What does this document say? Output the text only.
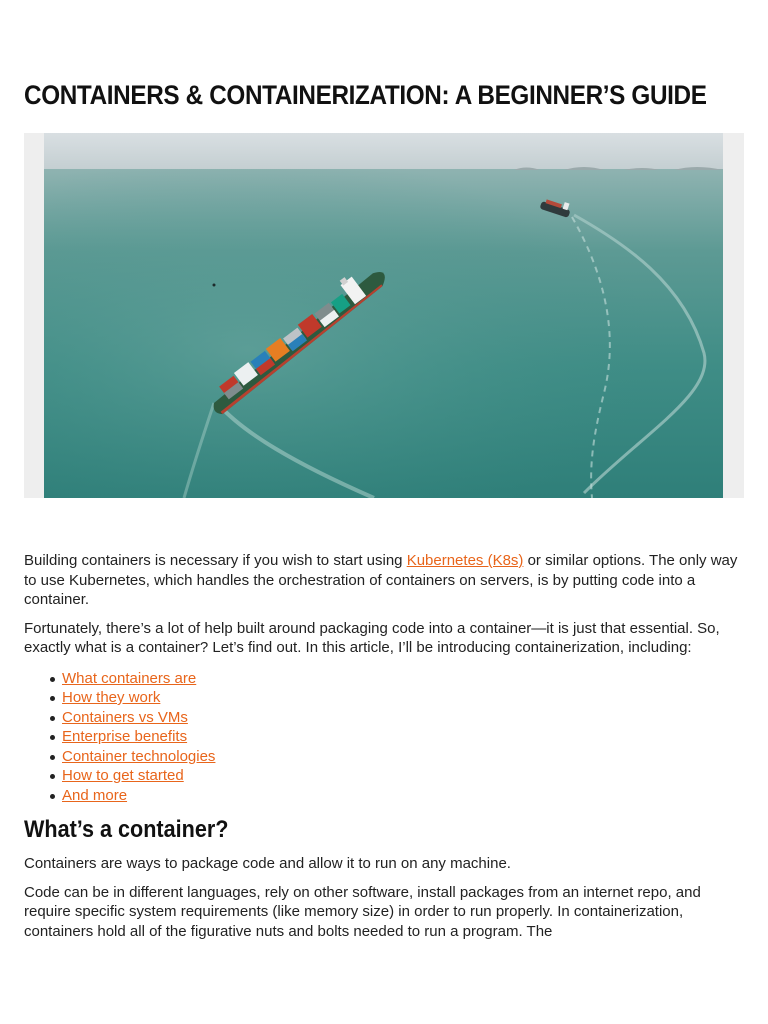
CONTAINERS & CONTAINERIZATION: A BEGINNER’S GUIDE

Building containers is necessary if you wish to start using Kubernetes (K8s) or similar options. The only way to use Kubernetes, which handles the orchestration of containers on servers, is by putting code into a container.

Fortunately, there’s a lot of help built around packaging code into a container—it is just that essential. So, exactly what is a container? Let’s find out. In this article, I’ll be introducing containerization, including:

What containers are
How they work
Containers vs VMs
Enterprise benefits
Container technologies
How to get started
And more
What’s a container?

Containers are ways to package code and allow it to run on any machine.

Code can be in different languages, rely on other software, install packages from an internet repo, and require specific system requirements (like memory size) in order to run properly. In containerization, containers hold all of the figurative nuts and bolts needed to run a program. The
